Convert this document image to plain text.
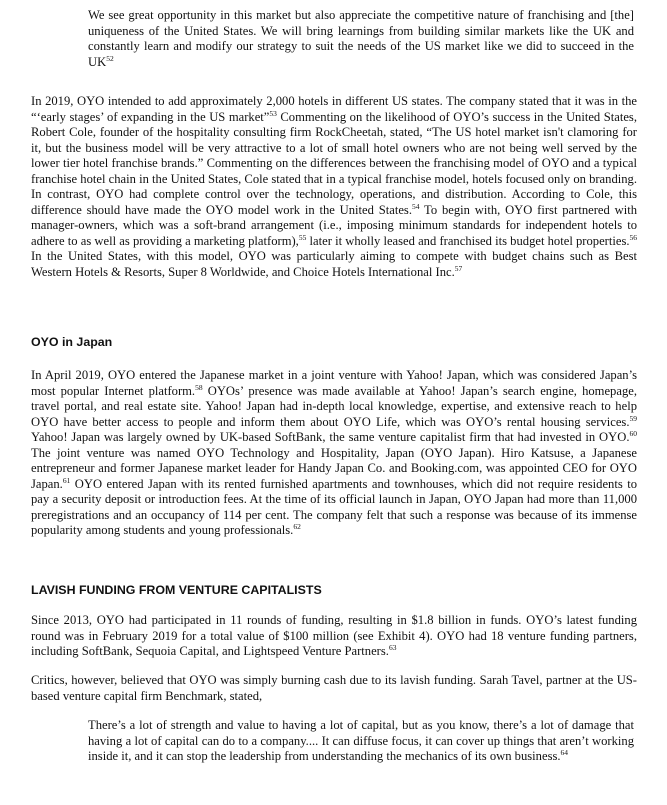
We see great opportunity in this market but also appreciate the competitive nature of franchising and [the] uniqueness of the United States. We will bring learnings from building similar markets like the UK and constantly learn and modify our strategy to suit the needs of the US market like we did to succeed in the UK$^{52}$

In 2019, OYO intended to add approximately 2,000 hotels in different US states. The company stated that it was in the “‘early stages’ of expanding in the US market”$^{53}$ Commenting on the likelihood of OYO’s success in the United States, Robert Cole, founder of the hospitality consulting firm RockCheetah, stated, “The US hotel market isn't clamoring for it, but the business model will be very attractive to a lot of small hotel owners who are not being well served by the lower tier hotel franchise brands.” Commenting on the differences between the franchising model of OYO and a typical franchise hotel chain in the United States, Cole stated that in a typical franchise model, hotels focused only on branding. In contrast, OYO had complete control over the technology, operations, and distribution. According to Cole, this difference should have made the OYO model work in the United States.$^{54}$ To begin with, OYO first partnered with manager-owners, which was a soft-brand arrangement (i.e., imposing minimum standards for independent hotels to adhere to as well as providing a marketing platform),$^{55}$ later it wholly leased and franchised its budget hotel properties.$^{56}$ In the United States, with this model, OYO was particularly aiming to compete with budget chains such as Best Western Hotels & Resorts, Super 8 Worldwide, and Choice Hotels International Inc.$^{57}$

OYO in Japan

In April 2019, OYO entered the Japanese market in a joint venture with Yahoo! Japan, which was considered Japan’s most popular Internet platform.$^{58}$ OYOs’ presence was made available at Yahoo! Japan’s search engine, homepage, travel portal, and real estate site. Yahoo! Japan had in-depth local knowledge, expertise, and extensive reach to help OYO have better access to people and inform them about OYO Life, which was OYO’s rental housing services.$^{59}$ Yahoo! Japan was largely owned by UK-based SoftBank, the same venture capitalist firm that had invested in OYO.$^{60}$ The joint venture was named OYO Technology and Hospitality, Japan (OYO Japan). Hiro Katsuse, a Japanese entrepreneur and former Japanese market leader for Handy Japan Co. and Booking.com, was appointed CEO for OYO Japan.$^{61}$ OYO entered Japan with its rented furnished apartments and townhouses, which did not require residents to pay a security deposit or introduction fees. At the time of its official launch in Japan, OYO Japan had more than 11,000 preregistrations and an occupancy of 114 per cent. The company felt that such a response was because of its immense popularity among students and young professionals.$^{62}$

LAVISH FUNDING FROM VENTURE CAPITALISTS

Since 2013, OYO had participated in 11 rounds of funding, resulting in $1.8 billion in funds. OYO’s latest funding round was in February 2019 for a total value of $100 million (see Exhibit 4). OYO had 18 venture funding partners, including SoftBank, Sequoia Capital, and Lightspeed Venture Partners.$^{63}$

Critics, however, believed that OYO was simply burning cash due to its lavish funding. Sarah Tavel, partner at the US-based venture capital firm Benchmark, stated,

There’s a lot of strength and value to having a lot of capital, but as you know, there’s a lot of damage that having a lot of capital can do to a company.... It can diffuse focus, it can cover up things that aren’t working inside it, and it can stop the leadership from understanding the mechanics of its own business.$^{64}$
